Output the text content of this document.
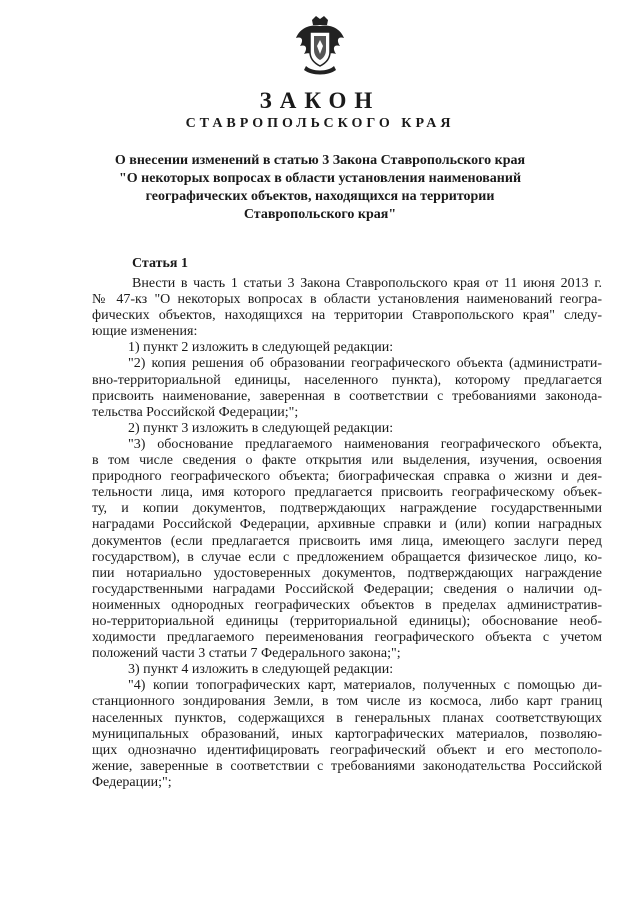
ЗАКОН
СТАВРОПОЛЬСКОГО КРАЯ
О внесении изменений в статью 3 Закона Ставропольского края
"О некоторых вопросах в области установления наименований
географических объектов, находящихся на территории
Ставропольского края"
Статья 1
Внести в часть 1 статьи 3 Закона Ставропольского края от 11 июня 2013 г.
№ 47-кз "О некоторых вопросах в области установления наименований геогра-
фических объектов, находящихся на территории Ставропольского края" следу-
ющие изменения:
1) пункт 2 изложить в следующей редакции:
"2) копия решения об образовании географического объекта (администрати-
вно-территориальной единицы, населенного пункта), которому предлагается
присвоить наименование, заверенная в соответствии с требованиями законода-
тельства Российской Федерации;";
2) пункт 3 изложить в следующей редакции:
"3) обоснование предлагаемого наименования географического объекта,
в том числе сведения о факте открытия или выделения, изучения, освоения
природного географического объекта; биографическая справка о жизни и дея-
тельности лица, имя которого предлагается присвоить географическому объек-
ту, и копии документов, подтверждающих награждение государственными
наградами Российской Федерации, архивные справки и (или) копии наградных
документов (если предлагается присвоить имя лица, имеющего заслуги перед
государством), в случае если с предложением обращается физическое лицо, ко-
пии нотариально удостоверенных документов, подтверждающих награждение
государственными наградами Российской Федерации; сведения о наличии од-
ноименных однородных географических объектов в пределах административ-
но-территориальной единицы (территориальной единицы); обоснование необ-
ходимости предлагаемого переименования географического объекта с учетом
положений части 3 статьи 7 Федерального закона;";
3) пункт 4 изложить в следующей редакции:
"4) копии топографических карт, материалов, полученных с помощью ди-
станционного зондирования Земли, в том числе из космоса, либо карт границ
населенных пунктов, содержащихся в генеральных планах соответствующих
муниципальных образований, иных картографических материалов, позволяю-
щих однозначно идентифицировать географический объект и его местополо-
жение, заверенные в соответствии с требованиями законодательства Российской
Федерации;";
